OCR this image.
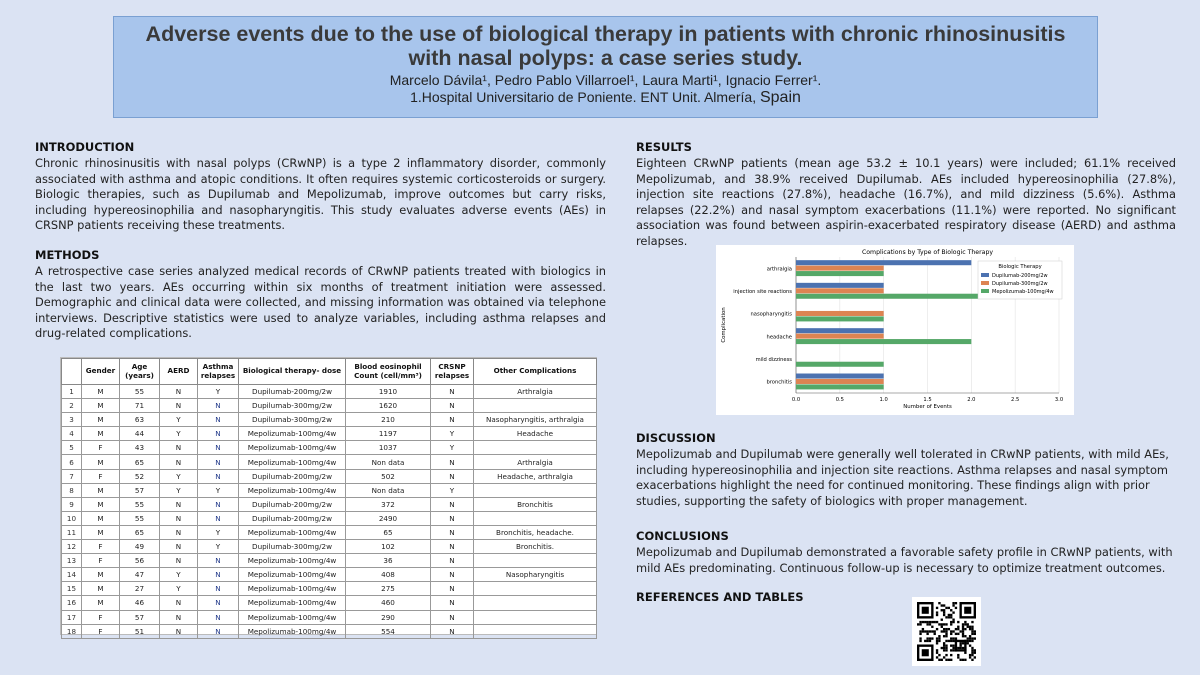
Adverse events due to the use of biological therapy in patients with chronic rhinosinusitis
with nasal polyps: a case series study.
Marcelo Dávila¹, Pedro Pablo Villarroel¹, Laura Marti¹, Ignacio Ferrer¹.
1.Hospital Universitario de Poniente. ENT Unit. Almería, Spain
INTRODUCTION

Chronic rhinosinusitis with nasal polyps (CRwNP) is a type 2 inflammatory disorder, commonly associated with asthma and atopic conditions. It often requires systemic corticosteroids or surgery. Biologic therapies, such as Dupilumab and Mepolizumab, improve outcomes but carry risks, including hypereosinophilia and nasopharyngitis. This study evaluates adverse events (AEs) in CRSNP patients receiving these treatments.

METHODS

A retrospective case series analyzed medical records of CRwNP patients treated with biologics in the last two years. AEs occurring within six months of treatment initiation were assessed. Demographic and clinical data were collected, and missing information was obtained via telephone interviews. Descriptive statistics were used to analyze variables, including asthma relapses and drug-related complications.

	Gender	Age (years)	AERD	Asthma relapses	Biological therapy- dose	Blood eosinophil Count (cell/mm³)	CRSNP relapses	Other Complications
1	M	55	N	Y	Dupilumab-200mg/2w	1910	N	Arthralgia
2	M	71	N	N	Dupilumab-300mg/2w	1620	N	
3	M	63	Y	N	Dupilumab-300mg/2w	210	N	Nasopharyngitis, arthralgia
4	M	44	Y	N	Mepolizumab-100mg/4w	1197	Y	Headache
5	F	43	N	N	Mepolizumab-100mg/4w	1037	Y	
6	M	65	N	N	Mepolizumab-100mg/4w	Non data	N	Arthralgia
7	F	52	Y	N	Dupilumab-200mg/2w	502	N	Headache, arthralgia
8	M	57	Y	Y	Mepolizumab-100mg/4w	Non data	Y	
9	M	55	N	N	Dupilumab-200mg/2w	372	N	Bronchitis
10	M	55	N	N	Dupilumab-200mg/2w	2490	N	
11	M	65	N	Y	Mepolizumab-100mg/4w	65	N	Bronchitis, headache.
12	F	49	N	Y	Dupilumab-300mg/2w	102	N	Bronchitis.
13	F	56	N	N	Mepolizumab-100mg/4w	36	N	
14	M	47	Y	N	Mepolizumab-100mg/4w	408	N	Nasopharyngitis
15	M	27	Y	N	Mepolizumab-100mg/4w	275	N	
16	M	46	N	N	Mepolizumab-100mg/4w	460	N	
17	F	57	N	N	Mepolizumab-100mg/4w	290	N	
18	F	51	N	N	Mepolizumab-100mg/4w	554	N	
RESULTS

Eighteen CRwNP patients (mean age 53.2 ± 10.1 years) were included; 61.1% received Mepolizumab, and 38.9% received Dupilumab. AEs included hypereosinophilia (27.8%), injection site reactions (27.8%), headache (16.7%), and mild dizziness (5.6%). Asthma relapses (22.2%) and nasal symptom exacerbations (11.1%) were reported. No significant association was found between aspirin-exacerbated respiratory disease (AERD) and asthma relapses.

Complications by Type of Biologic Therapy
0.0	0.5	1.0	1.5	2.0	2.5	3.0
Number of Events
Complication
arthralgia
injection site reactions
nasopharyngitis
headache
mild dizziness
bronchitis
Biologic Therapy
Dupilumab-200mg/2w
Dupilumab-300mg/2w
Mepolizumab-100mg/4w
DISCUSSION

Mepolizumab and Dupilumab were generally well tolerated in CRwNP patients, with mild AEs, including hypereosinophilia and injection site reactions. Asthma relapses and nasal symptom exacerbations highlight the need for continued monitoring. These findings align with prior studies, supporting the safety of biologics with proper management.

CONCLUSIONS

Mepolizumab and Dupilumab demonstrated a favorable safety profile in CRwNP patients, with mild AEs predominating. Continuous follow-up is necessary to optimize treatment outcomes.

REFERENCES AND TABLES
